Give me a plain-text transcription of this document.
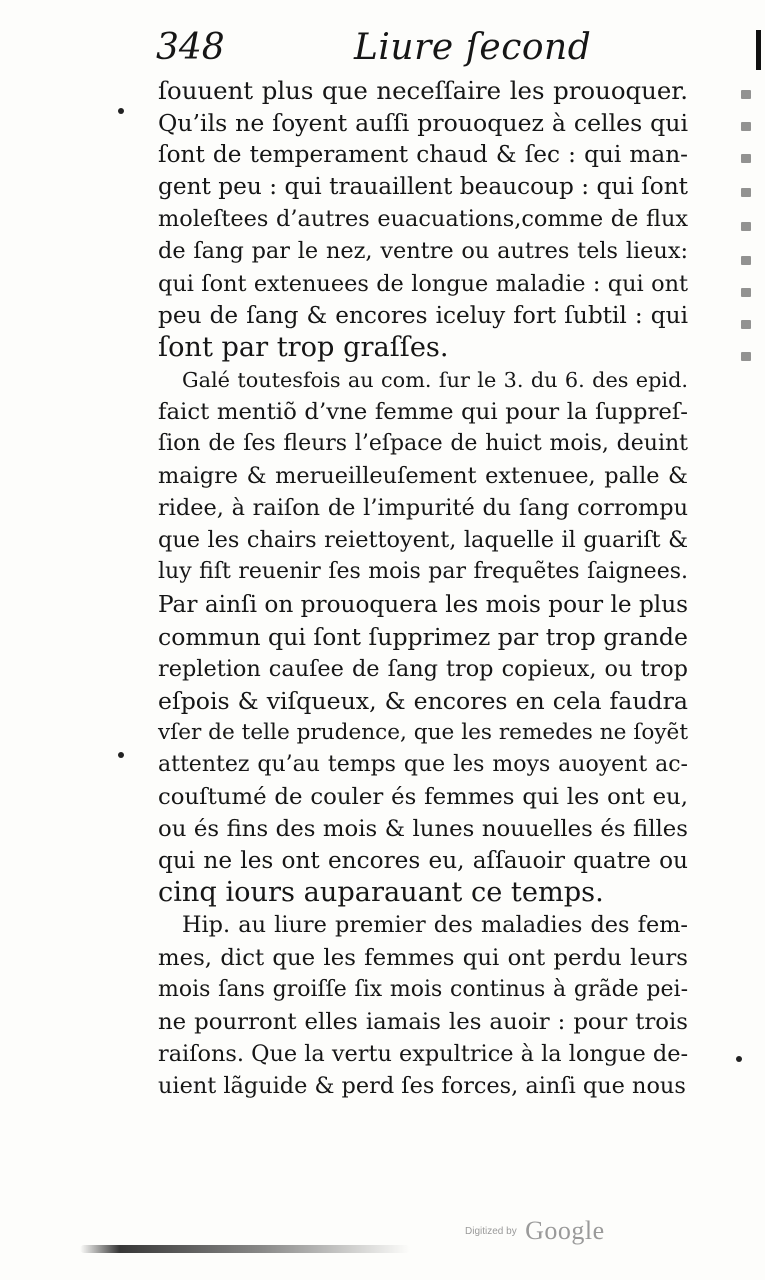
348	Liure ſecond
ſouuent plus que neceſſaire les prouoquer.
Qu’ils ne ſoyent auſſi prouoquez à celles qui
ſont de temperament chaud & ſec : qui man-
gent peu : qui trauaillent beaucoup : qui ſont
moleſtees d’autres euacuations,comme de flux
de ſang par le nez, ventre ou autres tels lieux:
qui ſont extenuees de longue maladie : qui ont
peu de ſang & encores iceluy fort ſubtil : qui
ſont par trop graſſes.
Galé toutesfois au com. ſur le 3. du 6. des epid.
faict mentiõ d’vne femme qui pour la ſuppreſ-
ſion de ſes fleurs l’eſpace de huict mois, deuint
maigre & merueilleuſement extenuee, palle &
ridee, à raiſon de l’impurité du ſang corrompu
que les chairs reiettoyent, laquelle il guariſt &
luy fiſt reuenir ſes mois par frequẽtes ſaignees.
Par ainſi on prouoquera les mois pour le plus
commun qui ſont ſupprimez par trop grande
repletion cauſee de ſang trop copieux, ou trop
eſpois & viſqueux, & encores en cela faudra
vſer de telle prudence, que les remedes ne ſoyẽt
attentez qu’au temps que les moys auoyent ac-
couſtumé de couler és femmes qui les ont eu,
ou és fins des mois & lunes nouuelles és filles
qui ne les ont encores eu, aſſauoir quatre ou
cinq iours auparauant ce temps.
Hip. au liure premier des maladies des fem-
mes, dict que les femmes qui ont perdu leurs
mois ſans groiſſe ſix mois continus à grãde pei-
ne pourront elles iamais les auoir : pour trois
raiſons. Que la vertu expultrice à la longue de-
uient lãguide & perd ſes forces, ainſi que nous
Digitized by Google
